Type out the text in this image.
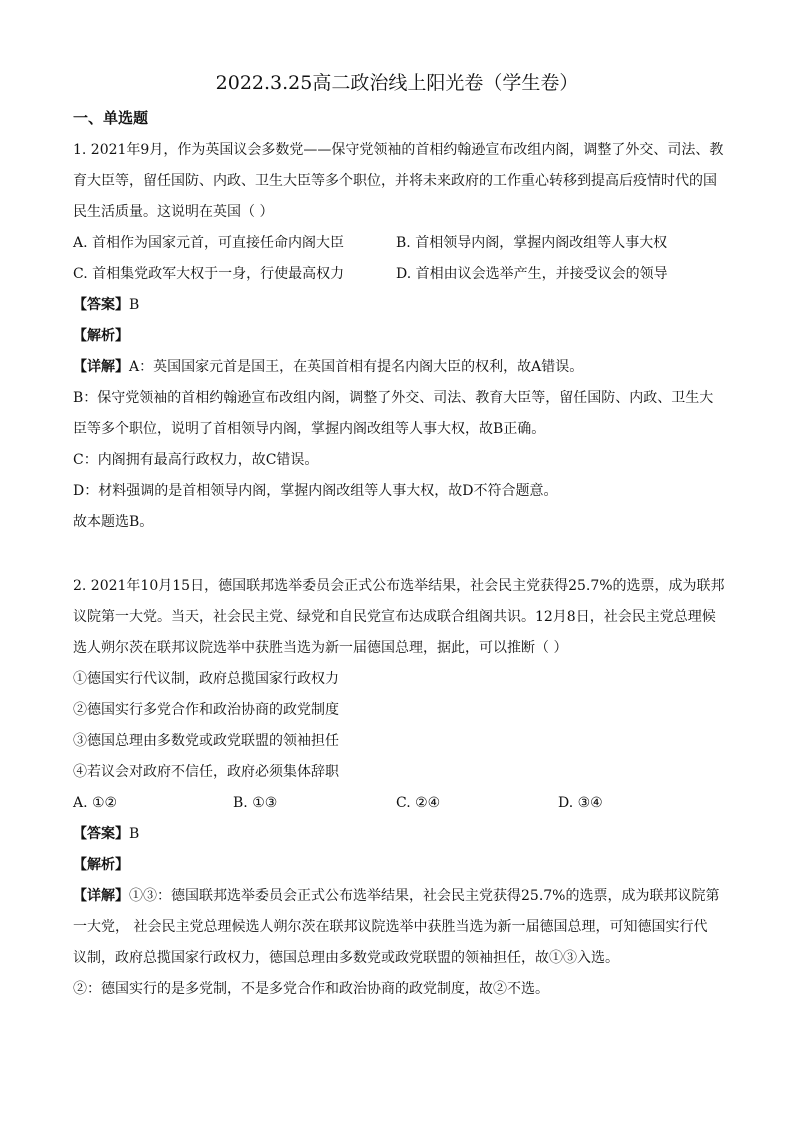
2022.3.25高二政治线上阳光卷（学生卷）
一、单选题
1. 2021年9月，作为英国议会多数党——保守党领袖的首相约翰逊宣布改组内阁，调整了外交、司法、教
育大臣等，留任国防、内政、卫生大臣等多个职位，并将未来政府的工作重心转移到提高后疫情时代的国
民生活质量。这说明在英国（ ）
A. 首相作为国家元首，可直接任命内阁大臣	B. 首相领导内阁，掌握内阁改组等人事大权
C. 首相集党政军大权于一身，行使最高权力	D. 首相由议会选举产生，并接受议会的领导
【答案】B
【解析】
【详解】A：英国国家元首是国王，在英国首相有提名内阁大臣的权利，故A错误。
B：保守党领袖的首相约翰逊宣布改组内阁，调整了外交、司法、教育大臣等，留任国防、内政、卫生大
臣等多个职位，说明了首相领导内阁，掌握内阁改组等人事大权，故B正确。
C：内阁拥有最高行政权力，故C错误。
D：材料强调的是首相领导内阁，掌握内阁改组等人事大权，故D不符合题意。
故本题选B。
2. 2021年10月15日，德国联邦选举委员会正式公布选举结果，社会民主党获得25.7%的选票，成为联邦
议院第一大党。当天，社会民主党、绿党和自民党宣布达成联合组阁共识。12月8日，社会民主党总理候
选人朔尔茨在联邦议院选举中获胜当选为新一届德国总理，据此，可以推断（ ）
①德国实行代议制，政府总揽国家行政权力
②德国实行多党合作和政治协商的政党制度
③德国总理由多数党或政党联盟的领袖担任
④若议会对政府不信任，政府必须集体辞职
A. ①②	B. ①③	C. ②④	D. ③④
【答案】B
【解析】
【详解】①③：德国联邦选举委员会正式公布选举结果，社会民主党获得25.7%的选票，成为联邦议院第
一大党， 社会民主党总理候选人朔尔茨在联邦议院选举中获胜当选为新一届德国总理，可知德国实行代
议制，政府总揽国家行政权力，德国总理由多数党或政党联盟的领袖担任，故①③入选。
②：德国实行的是多党制，不是多党合作和政治协商的政党制度，故②不选。
